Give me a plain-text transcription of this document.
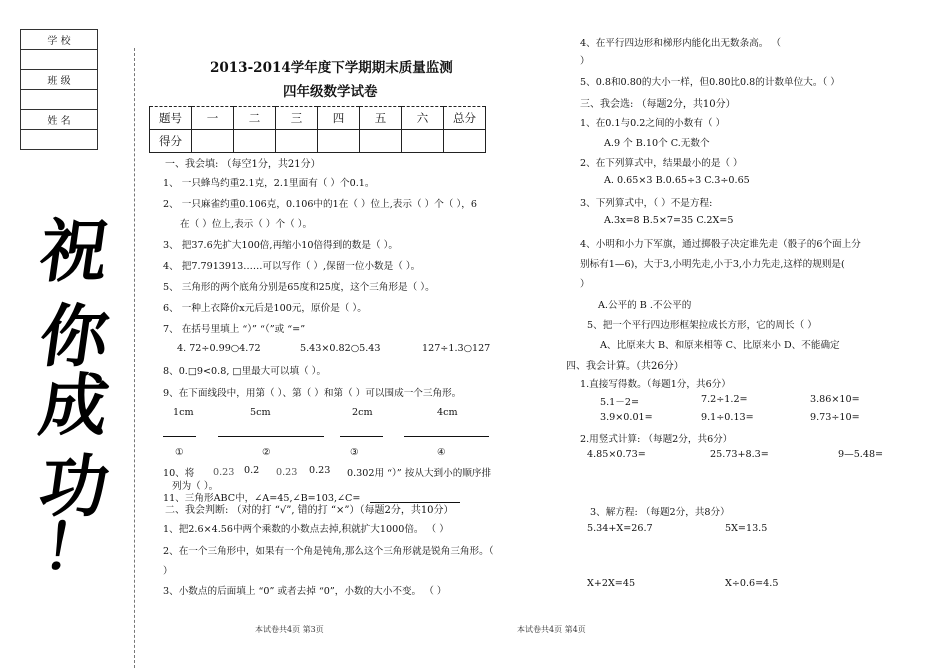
学 校

班 级

姓 名

祝
你
成
功
！
2013-2014学年度下学期期末质量监测
四年级数学试卷
题号	一	二	三	四	五	六	总分
得分							
一、我会填: （每空1分，共21分）
1、 一只蜂鸟约重2.1克，2.1里面有（ ）个0.1。
2、 一只麻雀约重0.106克，0.106中的1在（ ）位上,表示（ ）个（ ），6
在（ ）位上,表示（ ）个（ ）。
3、 把37.6先扩大100倍,再缩小10倍得到的数是（ ）。
4、 把7.7913913……可以写作（ ）,保留一位小数是（ ）。
5、 三角形的两个底角分别是65度和25度，这个三角形是（ ）。
6、 一种上衣降价x元后是100元，原价是（ ）。
7、 在括号里填上 “）” “（”或 “=”
4. 72÷0.99○4.72	5.43×0.82○5.43	127÷1.3○127
8、0.□9<0.8, □里最大可以填（ ）。
9、在下面线段中，用第（ ）、第（ ）和第（ ）可以围成一个三角形。
1cm	5cm	2cm	4cm
①	②	③	④
10、将 0.23 0.2 0.23 0.23 0.302用 “）” 按从大到小的顺序排
列为（ ）。
11、三角形ABC中，∠A=45,∠B=103,∠C=
二、我会判断: （对的打 “√”, 错的打 “×”）（每题2分，共10分）
1、把2.6×4.56中两个乘数的小数点去掉,积就扩大1000倍。 （ ）
2、在一个三角形中，如果有一个角是钝角,那么这个三角形就是锐角三角形。（
）
3、小数点的后面填上 “0” 或者去掉 “0”，小数的大小不变。 （ ）
本试卷共4页 第3页
4、在平行四边形和梯形内能化出无数条高。 （
）
5、0.8和0.80的大小一样，但0.80比0.8的计数单位大。（ ）
三、我会选: （每题2分，共10分）
1、在0.1与0.2之间的小数有（ ）
A.9 个 B.10个 C.无数个
2、在下列算式中，结果最小的是（ ）
A. 0.65×3 B.0.65÷3 C.3÷0.65
3、下列算式中，（ ）不是方程:
A.3x=8 B.5×7=35 C.2X=5
4、小明和小力下军旗，通过掷骰子决定谁先走（骰子的6个面上分
别标有1—6)，大于3,小明先走,小于3,小力先走,这样的规则是(
）
A.公平的 B .不公平的
5、把一个平行四边形框架拉成长方形，它的周长（ ）
A、比原来大 B、和原来相等 C、比原来小 D、不能确定
四、我会计算。（共26分）
1.直接写得数。（每题1分，共6分）
5.1－2=	7.2÷1.2=	3.86×10=
3.9×0.01=	9.1÷0.13=	9.73÷10=
2.用竖式计算: （每题2分，共6分）
4.85×0.73=	25.73+8.3=	9—5.48=
3、解方程: （每题2分，共8分）
5.34+X=26.7	5X=13.5
X+2X=45	X÷0.6=4.5
本试卷共4页 第4页
